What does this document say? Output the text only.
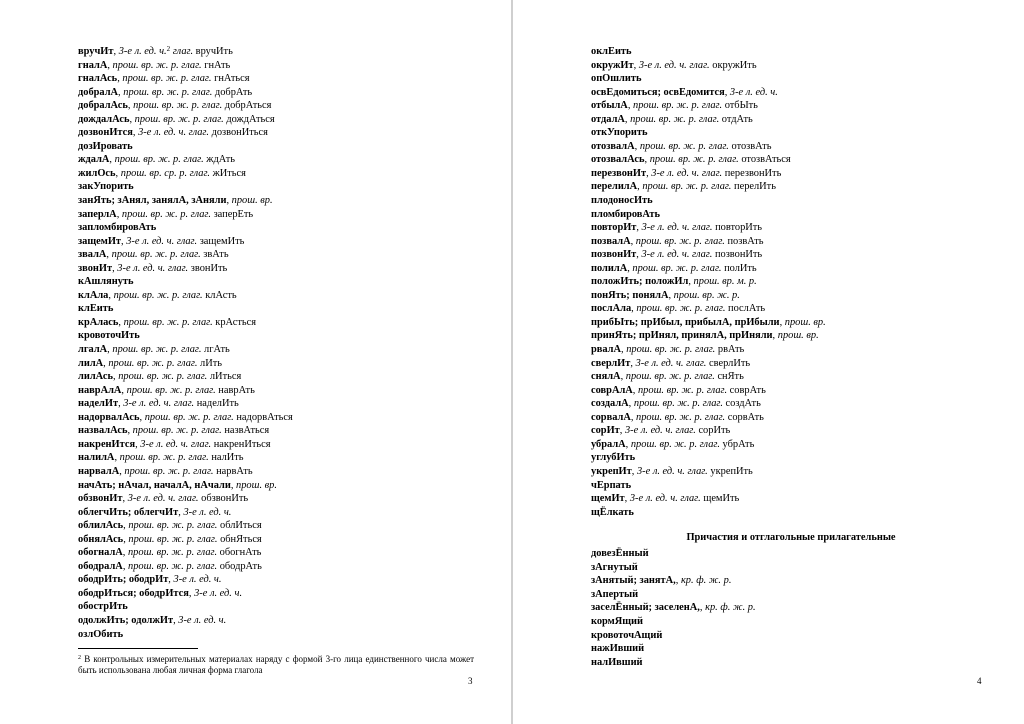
вручИт, 3-е л. ед. ч.$^2$ глаг. вручИть
гналА, прош. вр. ж. р. глаг. гнАть
гналАсь, прош. вр. ж. р. глаг. гнАться
добралА, прош. вр. ж. р. глаг. добрАть
добралАсь, прош. вр. ж. р. глаг. добрАться
дождалАсь, прош. вр. ж. р. глаг. дождАться
дозвонИтся, 3-е л. ед. ч. глаг. дозвонИться
дозИровать
ждалА, прош. вр. ж. р. глаг. ждАть
жилОсь, прош. вр. ср. р. глаг. жИться
закУпорить
занЯть; зАнял, занялА, зАняли, прош. вр.
заперлА, прош. вр. ж. р. глаг. заперЕть
запломбировАть
защемИт, 3-е л. ед. ч. глаг. защемИть
звалА, прош. вр. ж. р. глаг. звАть
звонИт, 3-е л. ед. ч. глаг. звонИть
кАшлянуть
клАла, прош. вр. ж. р. глаг. клАсть
клЕить
крАлась, прош. вр. ж. р. глаг. крАсться
кровоточИть
лгалА, прош. вр. ж. р. глаг. лгАть
лилА, прош. вр. ж. р. глаг. лИть
лилАсь, прош. вр. ж. р. глаг. лИться
наврАлА, прош. вр. ж. р. глаг. наврАть
наделИт, 3-е л. ед. ч. глаг. наделИть
надорвалАсь, прош. вр. ж. р. глаг. надорвАться
назвалАсь, прош. вр. ж. р. глаг. назвАться
накренИтся, 3-е л. ед. ч. глаг. накренИться
налилА, прош. вр. ж. р. глаг. налИть
нарвалА, прош. вр. ж. р. глаг. нарвАть
начАть; нАчал, началА, нАчали, прош. вр.
обзвонИт, 3-е л. ед. ч. глаг. обзвонИть
облегчИть; облегчИт, 3-е л. ед. ч.
облилАсь, прош. вр. ж. р. глаг. облИться
обнялАсь, прош. вр. ж. р. глаг. обнЯться
обогналА, прош. вр. ж. р. глаг. обогнАть
ободралА, прош. вр. ж. р. глаг. ободрАть
ободрИть; ободрИт, 3-е л. ед. ч.
ободрИться; ободрИтся, 3-е л. ед. ч.
обострИть
одолжИть; одолжИт, 3-е л. ед. ч.
озлОбить
$^2$ В контрольных измерительных материалах наряду с формой 3-го лица единственного числа может быть использована любая личная форма глагола
3
оклЕить
окружИт, 3-е л. ед. ч. глаг. окружИть
опОшлить
освЕдомиться; освЕдомится, 3-е л. ед. ч.
отбылА, прош. вр. ж. р. глаг. отбЫть
отдалА, прош. вр. ж. р. глаг. отдАть
откУпорить
отозвалА, прош. вр. ж. р. глаг. отозвАть
отозвалАсь, прош. вр. ж. р. глаг. отозвАться
перезвонИт, 3-е л. ед. ч. глаг. перезвонИть
перелилА, прош. вр. ж. р. глаг. перелИть
плодоносИть
пломбировАть
повторИт, 3-е л. ед. ч. глаг. повторИть
позвалА, прош. вр. ж. р. глаг. позвАть
позвонИт, 3-е л. ед. ч. глаг. позвонИть
полилА, прош. вр. ж. р. глаг. полИть
положИть; положИл, прош. вр. м. р.
понЯть; понялА, прош. вр. ж. р.
послАла, прош. вр. ж. р. глаг. послАть
прибЫть; прИбыл, прибылА, прИбыли, прош. вр.
принЯть; прИнял, принялА, прИняли, прош. вр.
рвалА, прош. вр. ж. р. глаг. рвАть
сверлИт, 3-е л. ед. ч. глаг. сверлИть
снялА, прош. вр. ж. р. глаг. снЯть
соврАлА, прош. вр. ж. р. глаг. соврАть
создалА, прош. вр. ж. р. глаг. создАть
сорвалА, прош. вр. ж. р. глаг. сорвАть
сорИт, 3-е л. ед. ч. глаг. сорИть
убралА, прош. вр. ж. р. глаг. убрАть
углубИть
укрепИт, 3-е л. ед. ч. глаг. укрепИть
чЕрпать
щемИт, 3-е л. ед. ч. глаг. щемИть
щЁлкать
Причастия и отглагольные прилагательные
довезЁнный
зАгнутый
зАнятый; занятА,, кр. ф. ж. р.
зАпертый
заселЁнный; заселенА,, кр. ф. ж. р.
кормЯщий
кровоточАщий
нажИвший
налИвший
4
